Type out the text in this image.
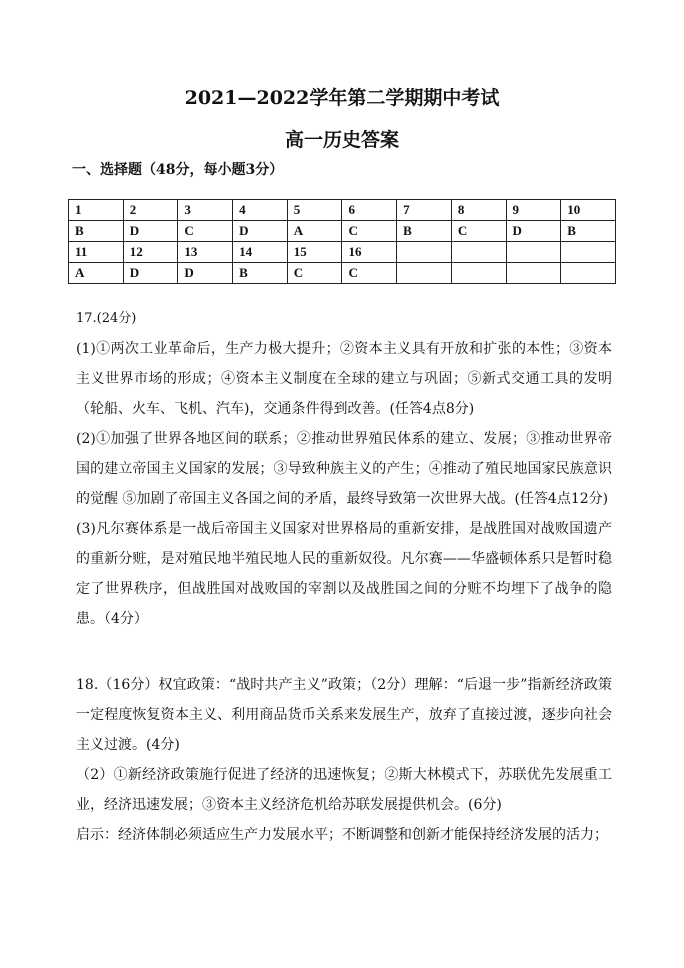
2021—2022学年第二学期期中考试
高一历史答案
一、选择题（48分，每小题3分）
1	2	3	4	5	6	7	8	9	10
B	D	C	D	A	C	B	C	D	B
11	12	13	14	15	16				
A	D	D	B	C	C				

17.(24分)

(1)①两次工业革命后，生产力极大提升；②资本主义具有开放和扩张的本性；③资本主义世界市场的形成；④资本主义制度在全球的建立与巩固；⑤新式交通工具的发明（轮船、火车、飞机、汽车)，交通条件得到改善。(任答4点8分)

(2)①加强了世界各地区间的联系；②推动世界殖民体系的建立、发展；③推动世界帝国的建立帝国主义国家的发展；③导致种族主义的产生；④推动了殖民地国家民族意识的觉醒 ⑤加剧了帝国主义各国之间的矛盾，最终导致第一次世界大战。(任答4点12分)

(3)凡尔赛体系是一战后帝国主义国家对世界格局的重新安排，是战胜国对战败国遗产的重新分赃，是对殖民地半殖民地人民的重新奴役。凡尔赛——华盛顿体系只是暂时稳定了世界秩序，但战胜国对战败国的宰割以及战胜国之间的分赃不均埋下了战争的隐患。（4分）

18.（16分）权宜政策：“战时共产主义”政策；（2分）理解：“后退一步”指新经济政策一定程度恢复资本主义、利用商品货币关系来发展生产，放弃了直接过渡，逐步向社会主义过渡。(4分)

（2）①新经济政策施行促进了经济的迅速恢复；②斯大林模式下，苏联优先发展重工业，经济迅速发展；③资本主义经济危机给苏联发展提供机会。(6分)

启示：经济体制必须适应生产力发展水平；不断调整和创新才能保持经济发展的活力；
